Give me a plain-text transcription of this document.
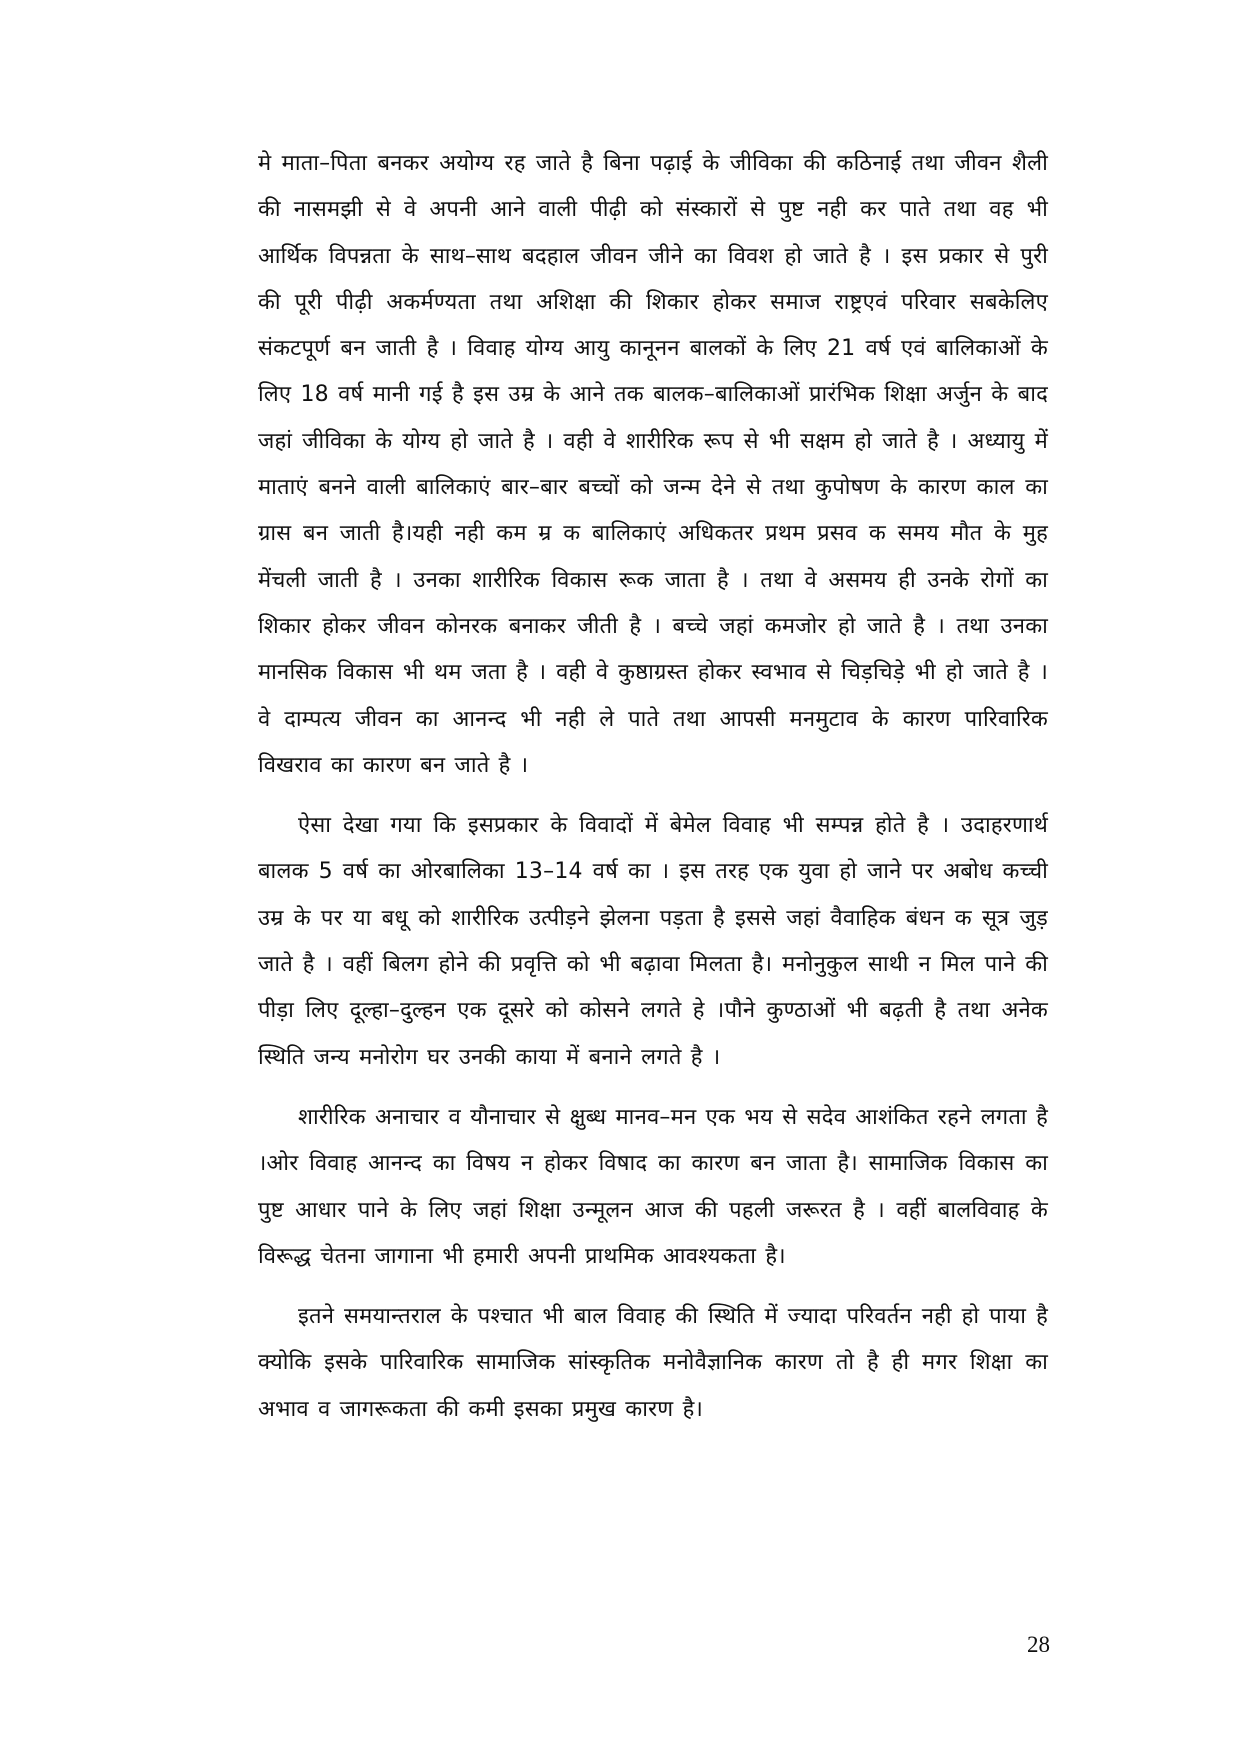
मे माता–पिता बनकर अयोग्य रह जाते है बिना पढ़ाई के जीविका की कठिनाई तथा जीवन शैली की नासमझी से वे अपनी आने वाली पीढ़ी को संस्कारों से पुष्ट नही कर पाते तथा वह भी आर्थिक विपन्नता के साथ–साथ बदहाल जीवन जीने का विवश हो जाते है । इस प्रकार से पुरी की पूरी पीढ़ी अकर्मण्यता तथा अशिक्षा की शिकार होकर समाज राष्ट्रएवं परिवार सबकेलिए संकटपूर्ण बन जाती है । विवाह योग्य आयु कानूनन बालकों के लिए 21 वर्ष एवं बालिकाओं के लिए 18 वर्ष मानी गई है इस उम्र के आने तक बालक–बालिकाओं प्रारंभिक शिक्षा अर्जुन के बाद जहां जीविका के योग्य हो जाते है । वही वे शारीरिक रूप से भी सक्षम हो जाते है । अध्यायु में माताएं बनने वाली बालिकाएं बार–बार बच्चों को जन्म देने से तथा कुपोषण के कारण काल का ग्रास बन जाती है।यही नही कम म्र क बालिकाएं अधिकतर प्रथम प्रसव क समय मौत के मुह मेंचली जाती है । उनका शारीरिक विकास रूक जाता है । तथा वे असमय ही उनके रोगों का शिकार होकर जीवन कोनरक बनाकर जीती है । बच्चे जहां कमजोर हो जाते है । तथा उनका मानसिक विकास भी थम जता है । वही वे कुष्ठाग्रस्त होकर स्वभाव से चिड़चिड़े भी हो जाते है । वे दाम्पत्य जीवन का आनन्द भी नही ले पाते तथा आपसी मनमुटाव के कारण पारिवारिक विखराव का कारण बन जाते है ।

ऐसा देखा गया कि इसप्रकार के विवादों में बेमेल विवाह भी सम्पन्न होते है । उदाहरणार्थ बालक 5 वर्ष का ओरबालिका 13–14 वर्ष का । इस तरह एक युवा हो जाने पर अबोध कच्ची उम्र के पर या बधू को शारीरिक उत्पीड़ने झेलना पड़ता है इससे जहां वैवाहिक बंधन क सूत्र जुड़ जाते है । वहीं बिलग होने की प्रवृत्ति को भी बढ़ावा मिलता है। मनोनुकुल साथी न मिल पाने की पीड़ा लिए दूल्हा–दुल्हन एक दूसरे को कोसने लगते हे ।पौने कुण्ठाओं भी बढ़ती है तथा अनेक स्थिति जन्य मनोरोग घर उनकी काया में बनाने लगते है ।

शारीरिक अनाचार व यौनाचार से क्षुब्ध मानव–मन एक भय से सदेव आशंकित रहने लगता है ।ओर विवाह आनन्द का विषय न होकर विषाद का कारण बन जाता है। सामाजिक विकास का पुष्ट आधार पाने के लिए जहां शिक्षा उन्मूलन आज की पहली जरूरत है । वहीं बालविवाह के विरूद्ध चेतना जागाना भी हमारी अपनी प्राथमिक आवश्यकता है।

इतने समयान्तराल के पश्चात भी बाल विवाह की स्थिति में ज्यादा परिवर्तन नही हो पाया है क्योकि इसके पारिवारिक सामाजिक सांस्कृतिक मनोवैज्ञानिक कारण तो है ही मगर शिक्षा का अभाव व जागरूकता की कमी इसका प्रमुख कारण है।

28
